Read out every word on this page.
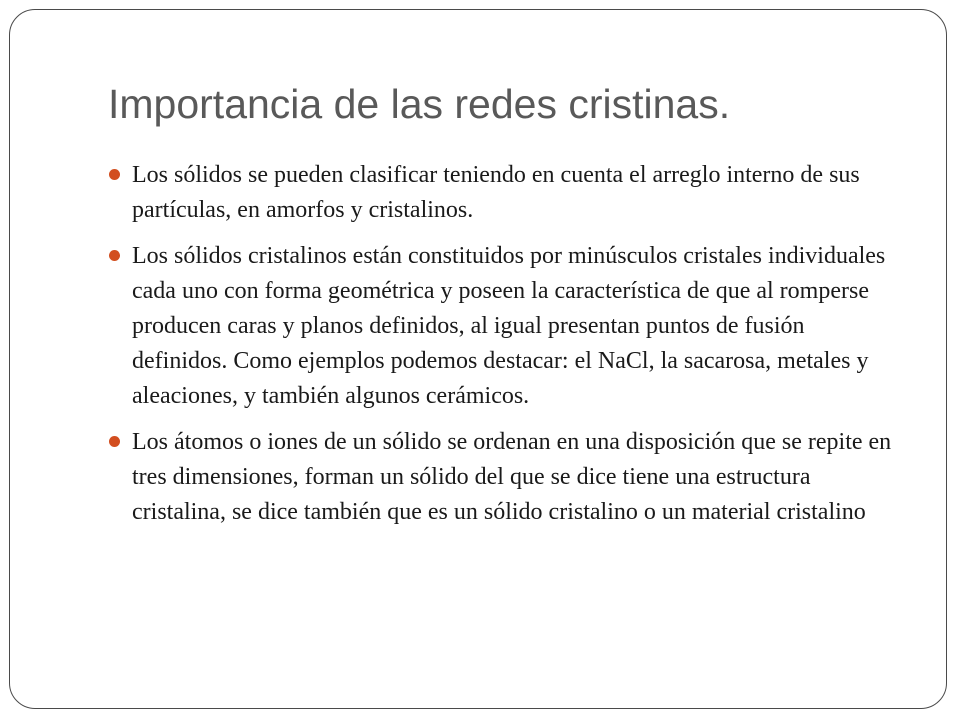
Importancia de las redes cristinas.
Los sólidos se pueden clasificar teniendo en cuenta el arreglo interno de sus partículas, en amorfos y cristalinos.
Los sólidos cristalinos están constituidos por minúsculos cristales individuales cada uno con forma geométrica y poseen la característica de que al romperse producen caras y planos definidos, al igual presentan puntos de fusión definidos. Como ejemplos podemos destacar: el NaCl, la sacarosa, metales y aleaciones, y también algunos cerámicos.
Los átomos o iones de un sólido se ordenan en una disposición que se repite en tres dimensiones, forman un sólido del que se dice tiene una estructura cristalina, se dice también que es un sólido cristalino o un material cristalino
